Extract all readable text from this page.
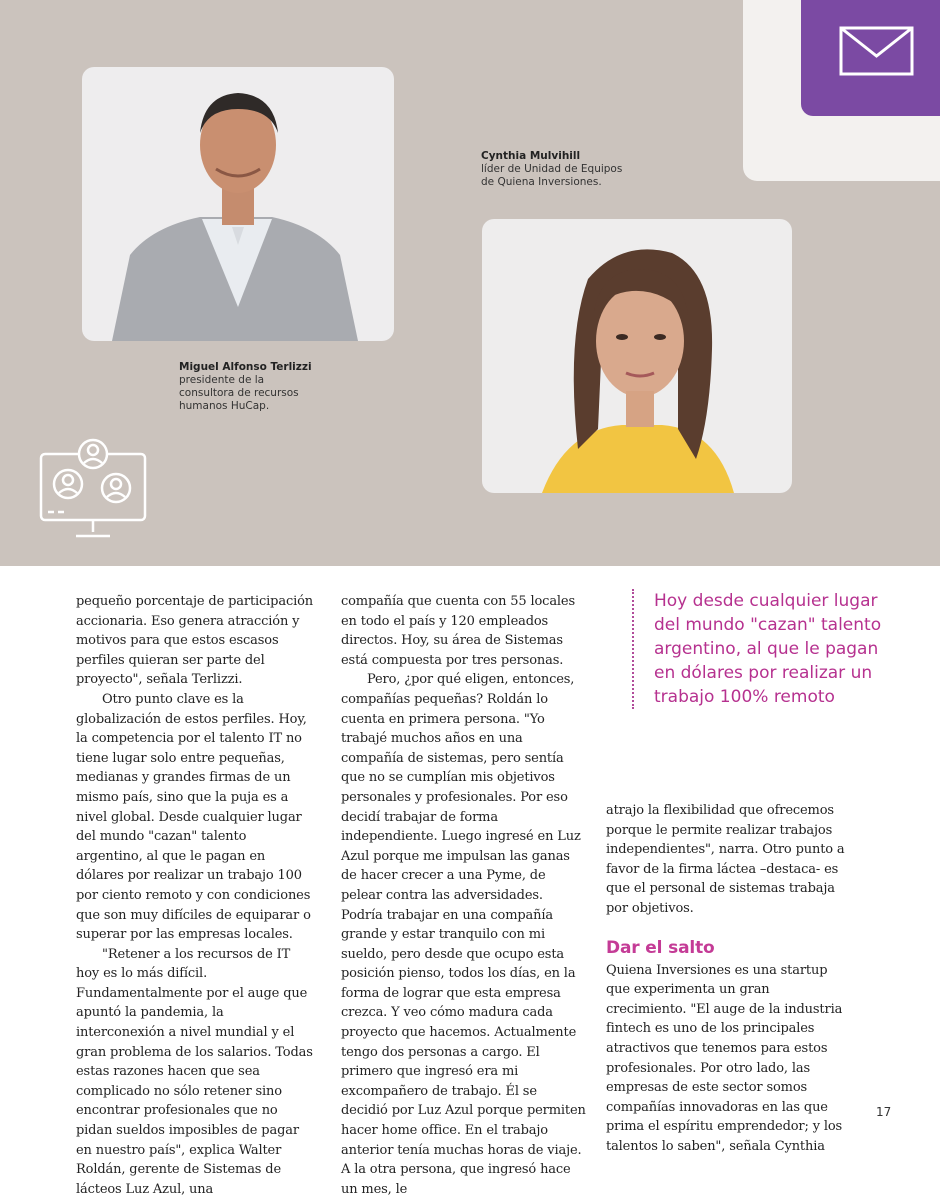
Miguel Alfonso Terlizzi
presidente de la
consultora de recursos
humanos HuCap.
Cynthia Mulvihill
líder de Unidad de Equipos
de Quiena Inversiones.

pequeño porcentaje de participación accionaria. Eso genera atracción y motivos para que estos escasos perfiles quieran ser parte del proyecto", señala Terlizzi.

Otro punto clave es la globalización de estos perfiles. Hoy, la competencia por el talento IT no tiene lugar solo entre pequeñas, medianas y grandes firmas de un mismo país, sino que la puja es a nivel global. Desde cualquier lugar del mundo "cazan" talento argentino, al que le pagan en dólares por realizar un trabajo 100 por ciento remoto y con condiciones que son muy difíciles de equiparar o superar por las empresas locales.

"Retener a los recursos de IT hoy es lo más difícil. Fundamentalmente por el auge que apuntó la pandemia, la interconexión a nivel mundial y el gran problema de los salarios. Todas estas razones hacen que sea complicado no sólo retener sino encontrar profesionales que no pidan sueldos imposibles de pagar en nuestro país", explica Walter Roldán, gerente de Sistemas de lácteos Luz Azul, una

compañía que cuenta con 55 locales en todo el país y 120 empleados directos. Hoy, su área de Sistemas está compuesta por tres personas.

Pero, ¿por qué eligen, entonces, compañías pequeñas? Roldán lo cuenta en primera persona. "Yo trabajé muchos años en una compañía de sistemas, pero sentía que no se cumplían mis objetivos personales y profesionales. Por eso decidí trabajar de forma independiente. Luego ingresé en Luz Azul porque me impulsan las ganas de hacer crecer a una Pyme, de pelear contra las adversidades. Podría trabajar en una compañía grande y estar tranquilo con mi sueldo, pero desde que ocupo esta posición pienso, todos los días, en la forma de lograr que esta empresa crezca. Y veo cómo madura cada proyecto que hacemos. Actualmente tengo dos personas a cargo. El primero que ingresó era mi excompañero de trabajo. Él se decidió por Luz Azul porque permiten hacer home office. En el trabajo anterior tenía muchas horas de viaje. A la otra persona, que ingresó hace un mes, le

Hoy desde cualquier lugar del mundo "cazan" talento argentino, al que le pagan en dólares por realizar un trabajo 100% remoto

atrajo la flexibilidad que ofrecemos porque le permite realizar trabajos independientes", narra. Otro punto a favor de la firma láctea –destaca- es que el personal de sistemas trabaja por objetivos.

Dar el salto

Quiena Inversiones es una startup que experimenta un gran crecimiento. "El auge de la industria fintech es uno de los principales atractivos que tenemos para estos profesionales. Por otro lado, las empresas de este sector somos compañías innovadoras en las que prima el espíritu emprendedor; y los talentos lo saben", señala Cynthia

17
